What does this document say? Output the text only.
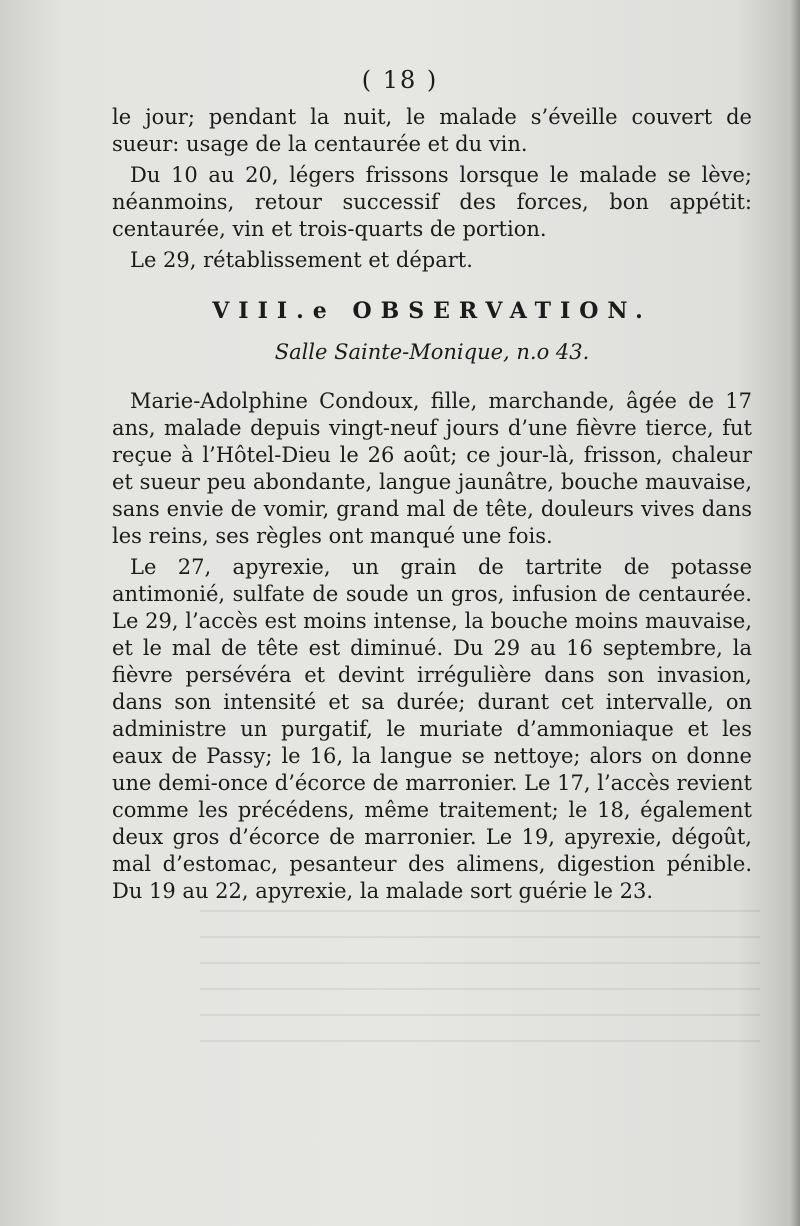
( 18 )

le jour; pendant la nuit, le malade s’éveille couvert de sueur: usage de la centaurée et du vin.

Du 10 au 20, légers frissons lorsque le malade se lève; néanmoins, retour successif des forces, bon appétit: centaurée, vin et trois-quarts de portion.

Le 29, rétablissement et départ.

VIII.e OBSERVATION.
Salle Sainte-Monique, n.o 43.

Marie-Adolphine Condoux, fille, marchande, âgée de 17 ans, malade depuis vingt-neuf jours d’une fièvre tierce, fut reçue à l’Hôtel-Dieu le 26 août; ce jour-là, frisson, chaleur et sueur peu abondante, langue jaunâtre, bouche mauvaise, sans envie de vomir, grand mal de tête, douleurs vives dans les reins, ses règles ont manqué une fois.

Le 27, apyrexie, un grain de tartrite de potasse antimonié, sulfate de soude un gros, infusion de centaurée. Le 29, l’accès est moins intense, la bouche moins mauvaise, et le mal de tête est diminué. Du 29 au 16 septembre, la fièvre persévéra et devint irrégulière dans son invasion, dans son intensité et sa durée; durant cet intervalle, on administre un purgatif, le muriate d’ammoniaque et les eaux de Passy; le 16, la langue se nettoye; alors on donne une demi-once d’écorce de marronier. Le 17, l’accès revient comme les précédens, même traitement; le 18, également deux gros d’écorce de marronier. Le 19, apyrexie, dégoût, mal d’estomac, pesanteur des alimens, digestion pénible. Du 19 au 22, apyrexie, la malade sort guérie le 23.
